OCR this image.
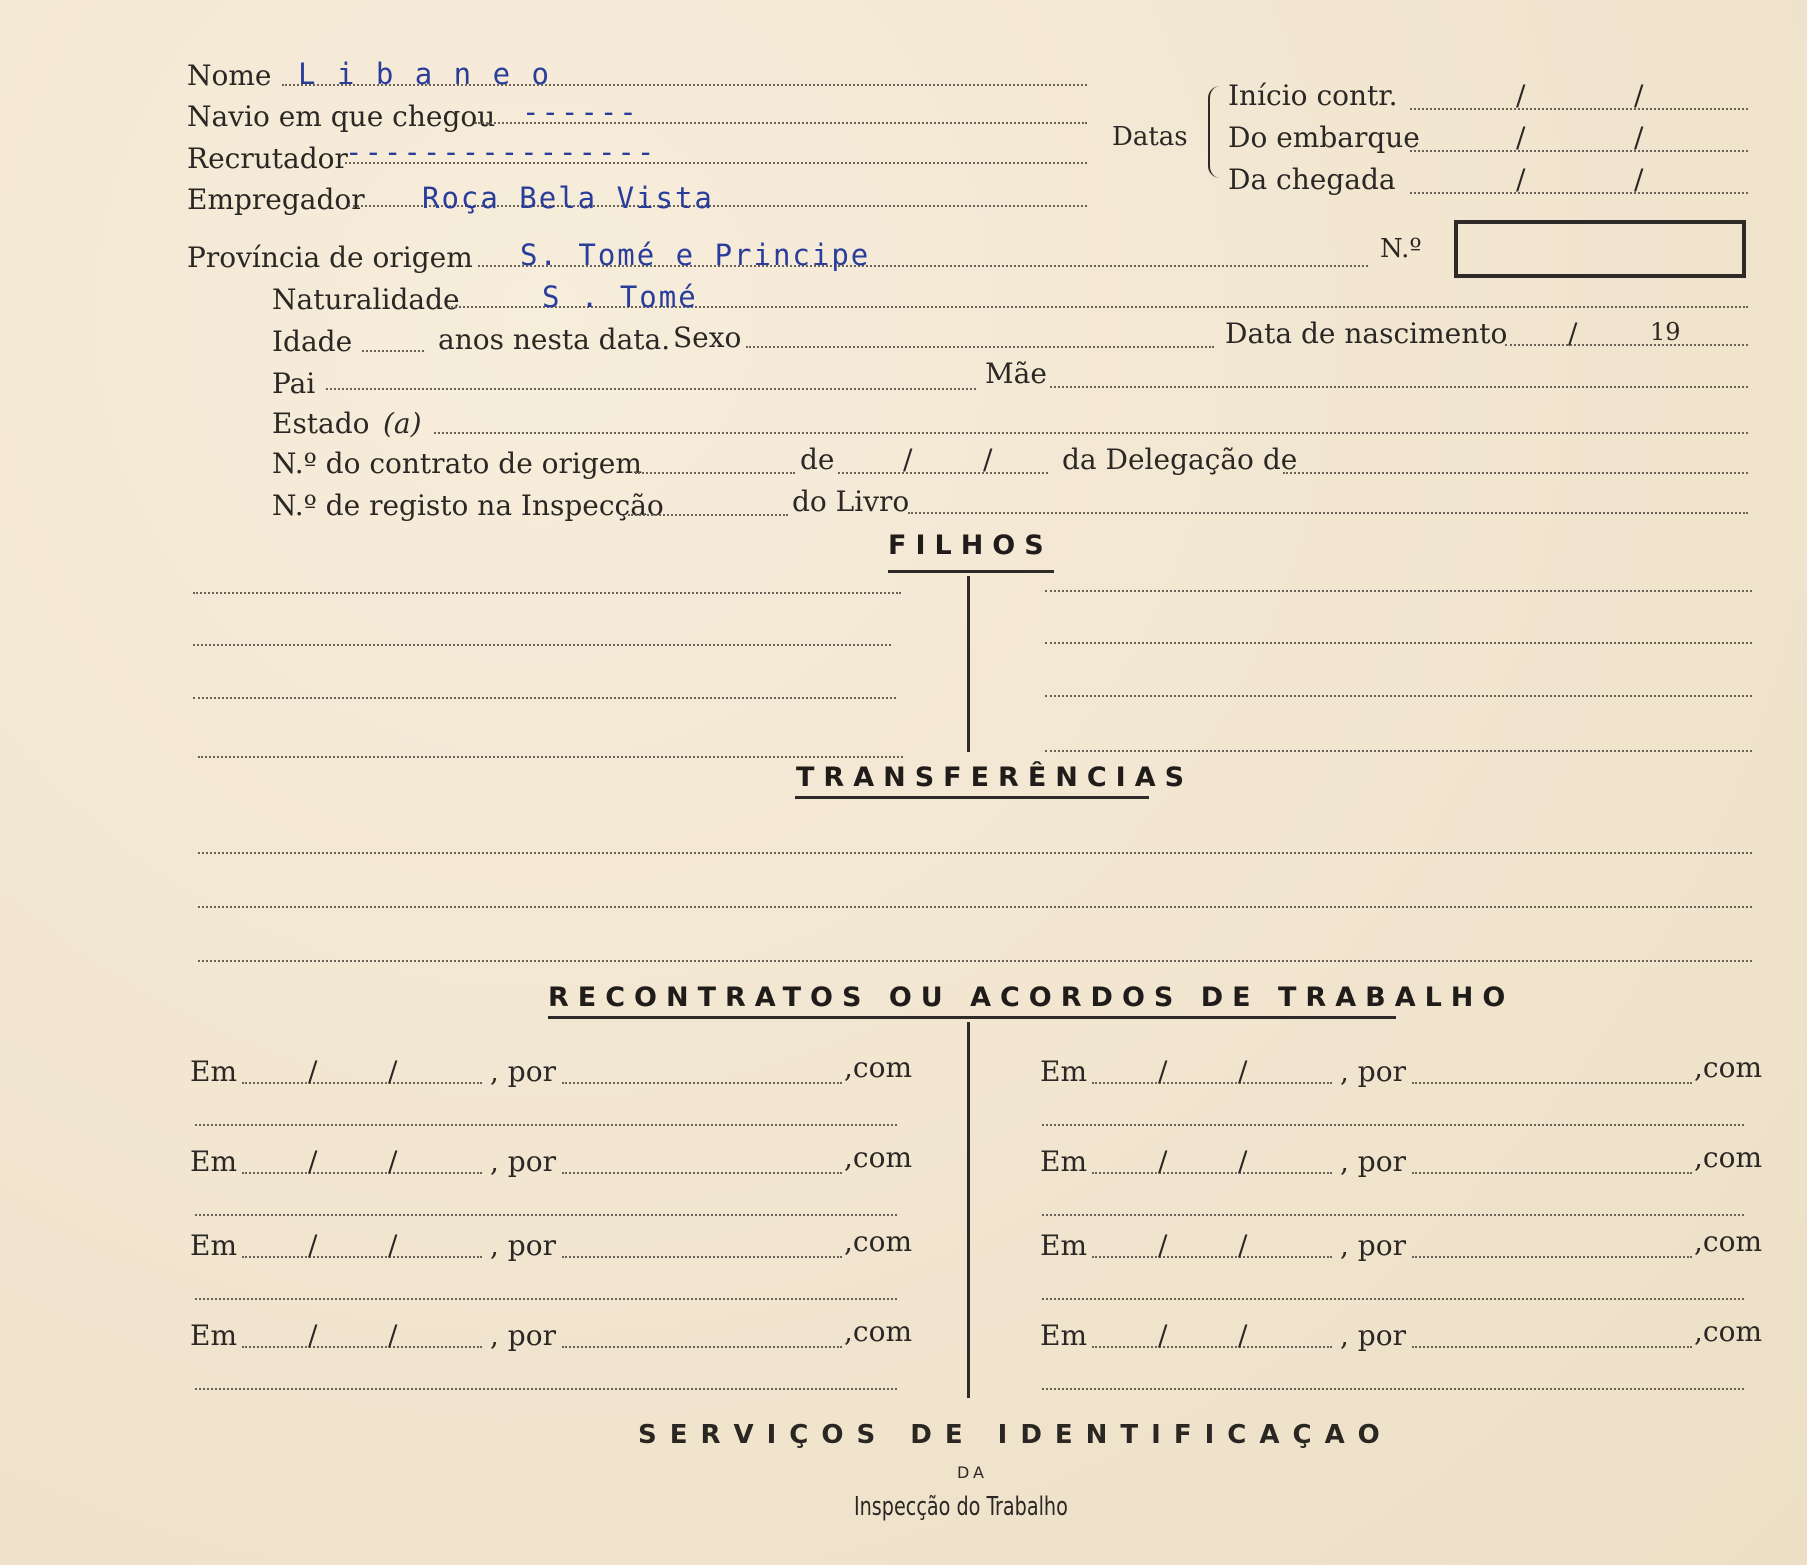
Nome L i b a n e o
Navio em que chegou ------
Recrutador
----------------
Empregador Roça Bela Vista
Datas
Início contr.	/	/
Do embarque	/	/
Da chegada	/	/
Província de origem S. Tomé e Principe	N.º
Naturalidade	S . Tomé
Idade	anos nesta data. Sexo	Data de nascimento /	19
Pai	Mãe
Estado (a)
N.º do contrato de origem	de /	/ da Delegação de
N.º de registo na Inspecção	do Livro
FILHOS
TRANSFERÊNCIAS
RECONTRATOS OU ACORDOS DE TRABALHO
Em	/	/	, por	,com	Em	/	/	, por	,com
Em	/	/	, por	,com	Em	/	/	, por	,com
Em	/	/	, por	,com	Em	/	/	, por	,com
Em	/	/	, por	,com	Em	/	/	, por	,com
SERVIÇOS DE IDENTIFICAÇAO
DA
Inspecção do Trabalho
